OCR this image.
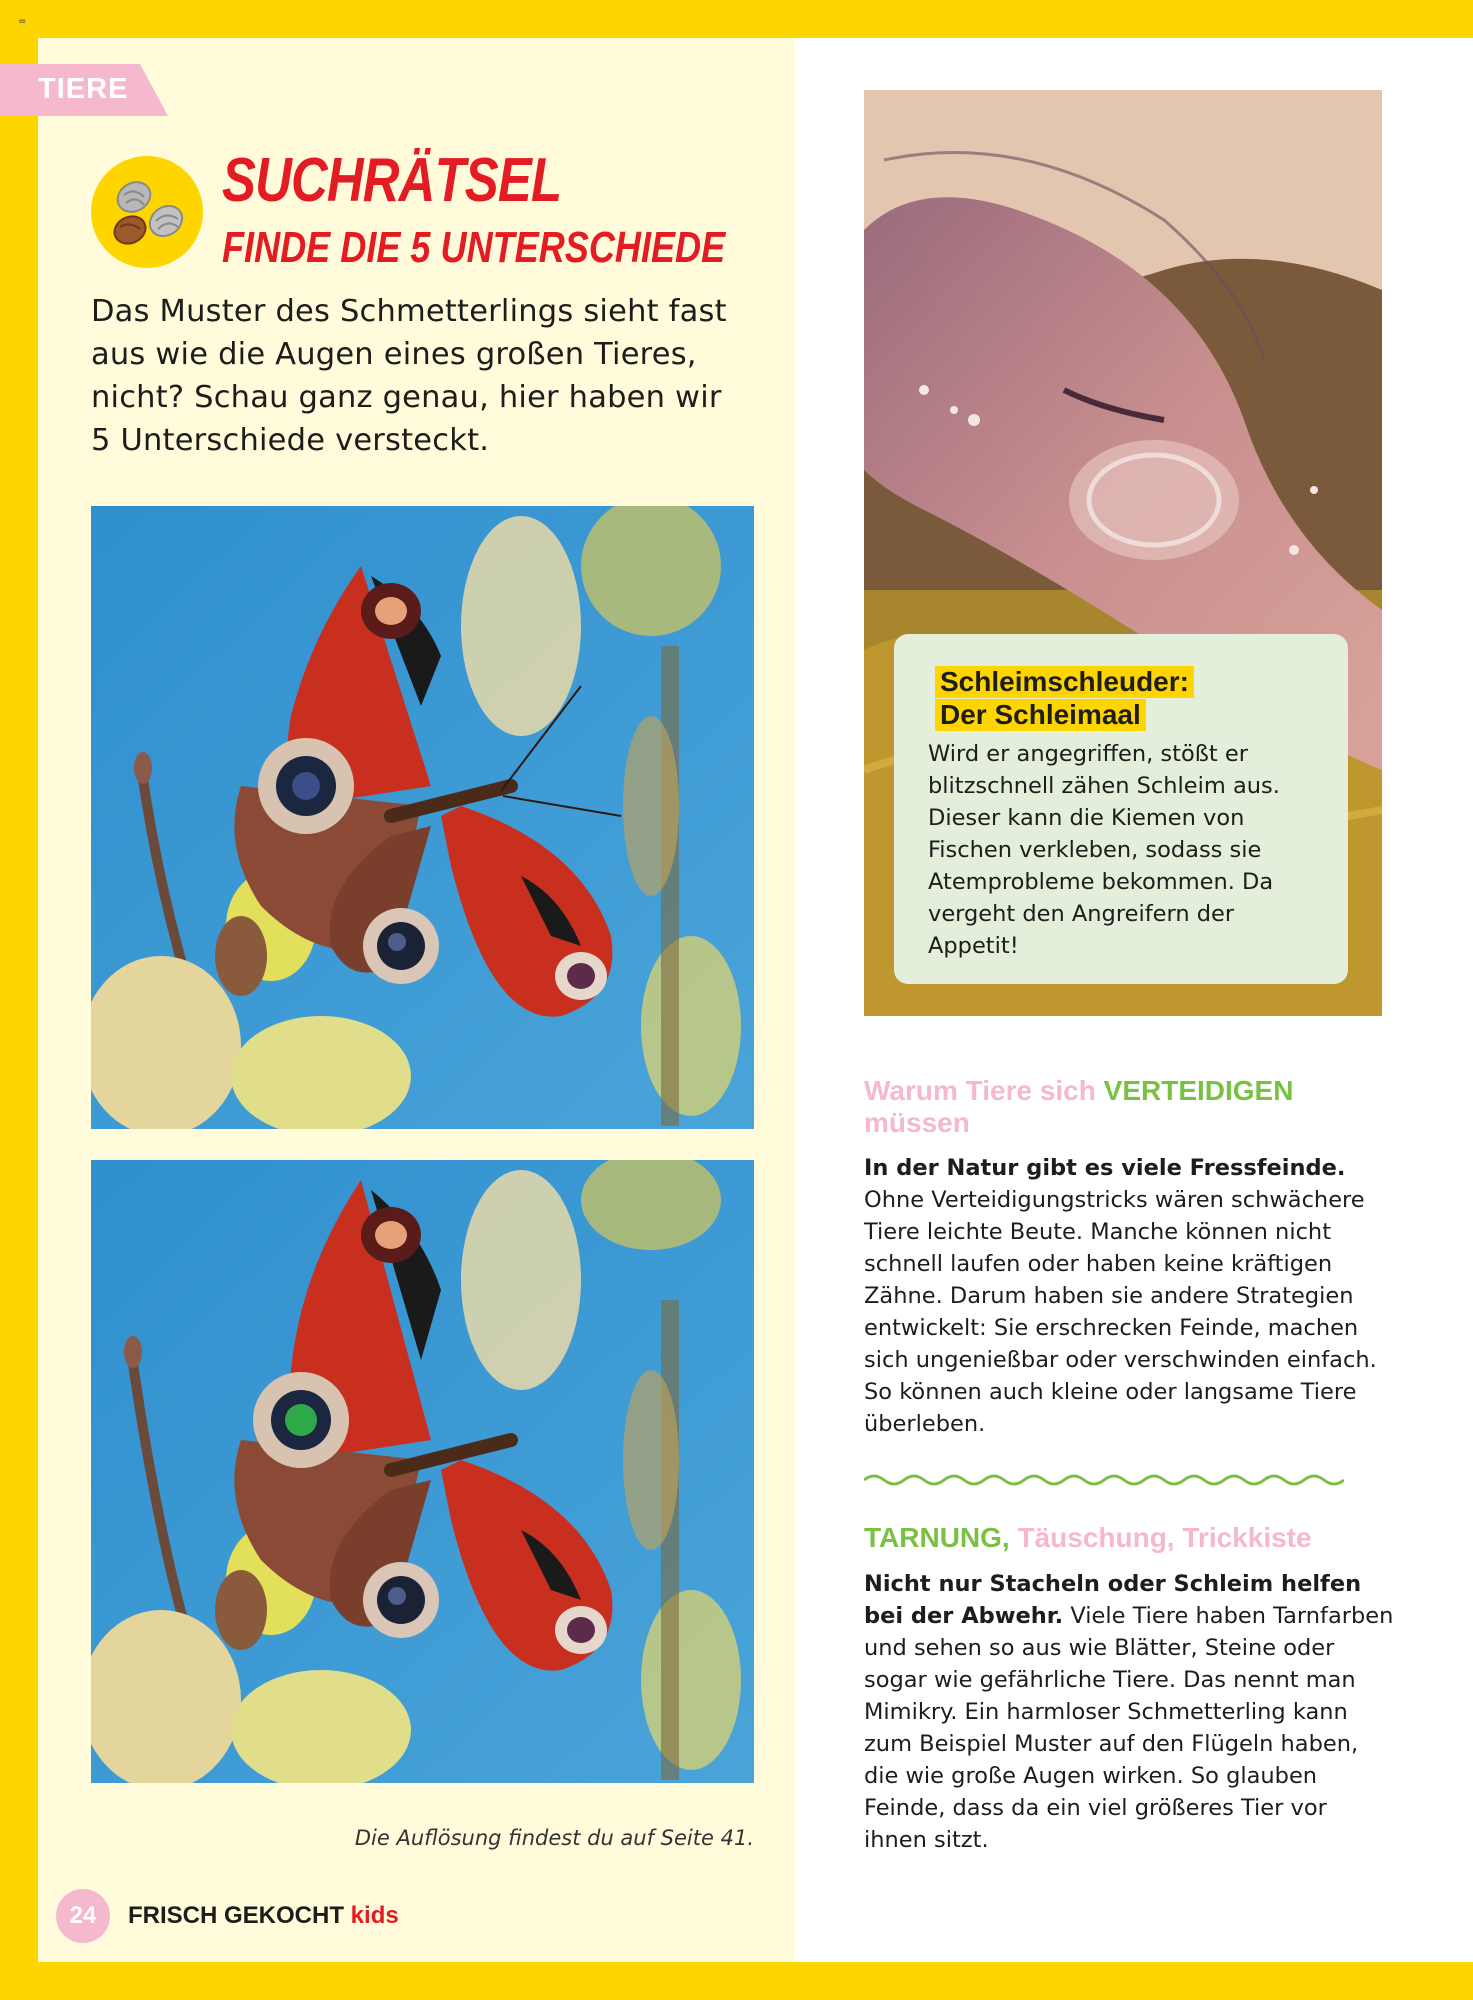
=
TIERE
SUCHRÄTSEL
FINDE DIE 5 UNTERSCHIEDE
Das Muster des Schmetterlings sieht fast aus wie die Augen eines großen Tieres, nicht? Schau ganz genau, hier haben wir 5 Unterschiede versteckt.
Die Auflösung findest du auf Seite 41.
24	FRISCH GEKOCHT kids
Schleimschleuder:
Der Schleimaal
Wird er angegriffen, stößt er blitzschnell zähen Schleim aus. Dieser kann die Kiemen von Fischen verkleben, sodass sie Atemprobleme bekommen. Da vergeht den Angreifern der Appetit!
Warum Tiere sich VERTEIDIGEN müssen
In der Natur gibt es viele Fressfeinde.
Ohne Verteidigungstricks wären schwächere Tiere leichte Beute. Manche können nicht schnell laufen oder haben keine kräftigen Zähne. Darum haben sie andere Strategien entwickelt: Sie erschrecken Feinde, machen sich ungenießbar oder verschwinden einfach. So können auch kleine oder langsame Tiere überleben.
TARNUNG, Täuschung, Trickkiste
Nicht nur Stacheln oder Schleim helfen bei der Abwehr. Viele Tiere haben Tarnfarben und sehen so aus wie Blätter, Steine oder sogar wie gefährliche Tiere. Das nennt man Mimikry. Ein harmloser Schmetterling kann zum Beispiel Muster auf den Flügeln haben, die wie große Augen wirken. So glauben Feinde, dass da ein viel größeres Tier vor ihnen sitzt.
